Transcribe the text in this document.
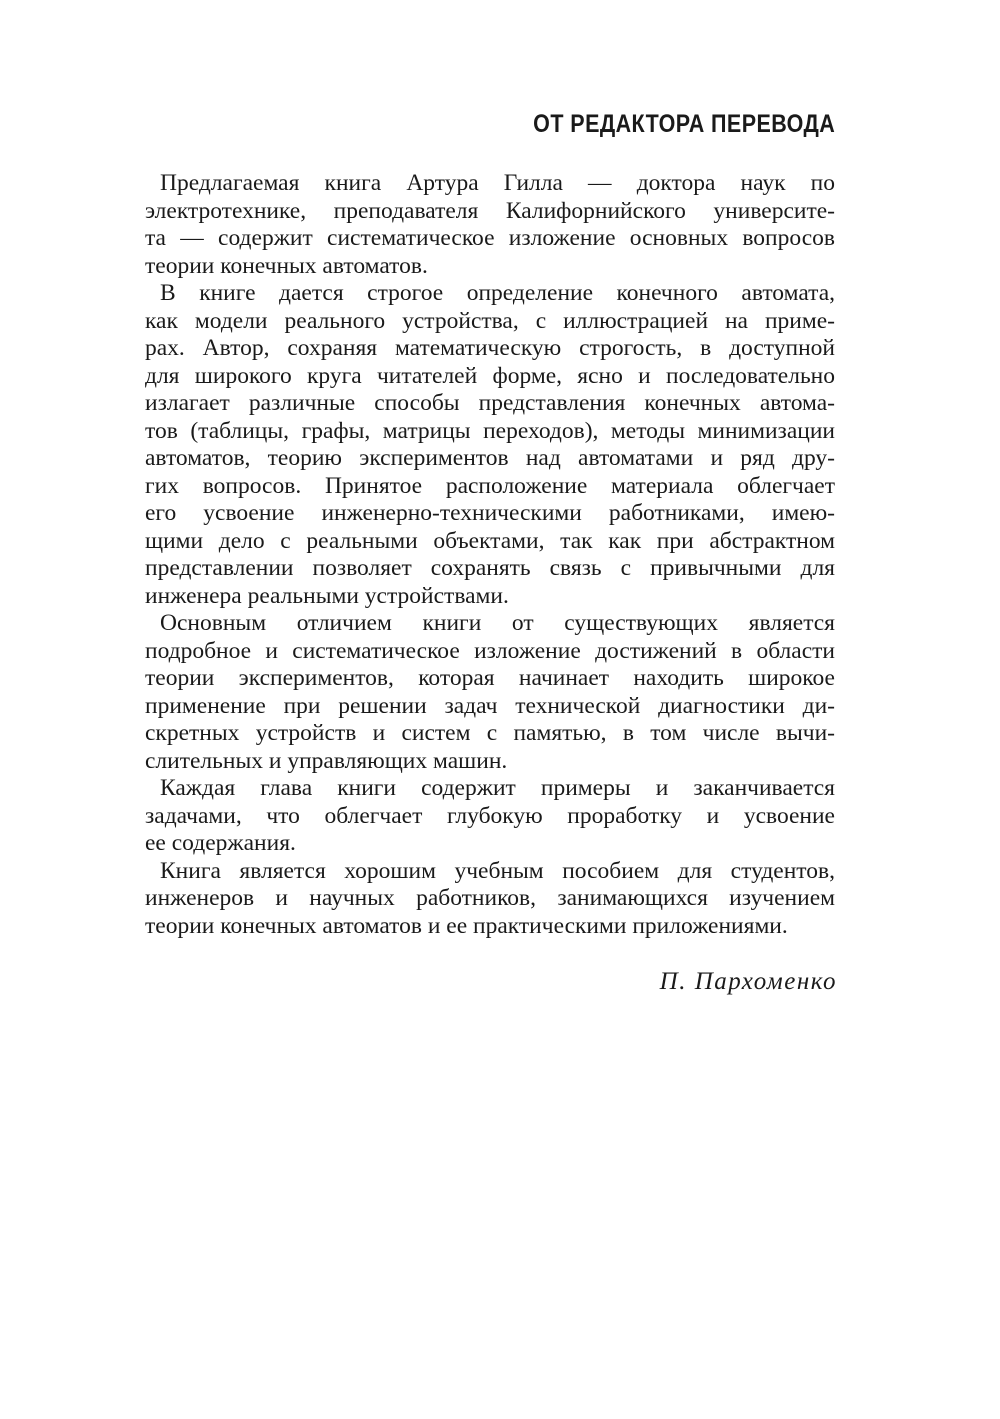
ОТ РЕДАКТОРА ПЕРЕВОДА
Предлагаемая книга Артура Гилла — доктора наук по
электротехнике, преподавателя Калифорнийского университе-
та — содержит систематическое изложение основных вопросов
теории конечных автоматов.
В книге дается строгое определение конечного автомата,
как модели реального устройства, с иллюстрацией на приме-
рах. Автор, сохраняя математическую строгость, в доступной
для широкого круга читателей форме, ясно и последовательно
излагает различные способы представления конечных автома-
тов (таблицы, графы, матрицы переходов), методы минимизации
автоматов, теорию экспериментов над автоматами и ряд дру-
гих вопросов. Принятое расположение материала облегчает
его усвоение инженерно-техническими работниками, имею-
щими дело с реальными объектами, так как при абстрактном
представлении позволяет сохранять связь с привычными для
инженера реальными устройствами.
Основным отличием книги от существующих является
подробное и систематическое изложение достижений в области
теории экспериментов, которая начинает находить широкое
применение при решении задач технической диагностики ди-
скретных устройств и систем с памятью, в том числе вычи-
слительных и управляющих машин.
Каждая глава книги содержит примеры и заканчивается
задачами, что облегчает глубокую проработку и усвоение
ее содержания.
Книга является хорошим учебным пособием для студентов,
инженеров и научных работников, занимающихся изучением
теории конечных автоматов и ее практическими приложениями.
П. Пархоменко
